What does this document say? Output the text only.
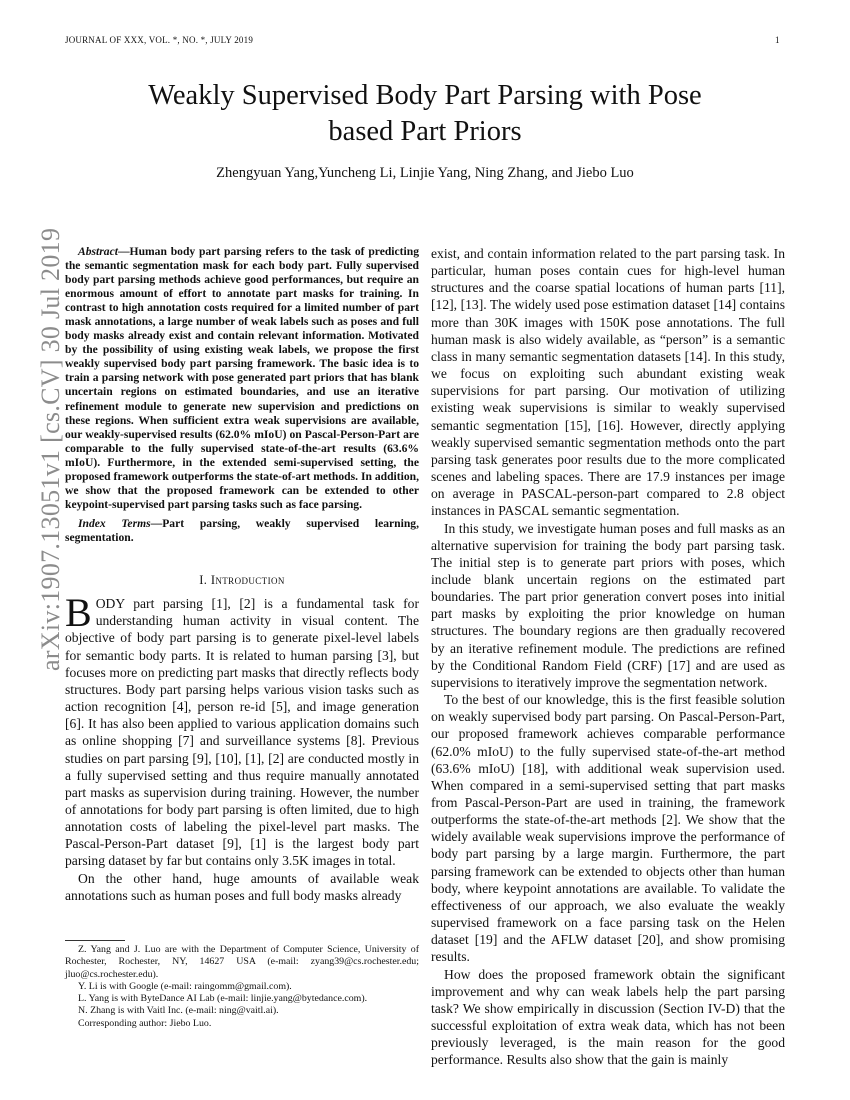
JOURNAL OF XXX, VOL. *, NO. *, JULY 2019	1
arXiv:1907.13051v1 [cs.CV] 30 Jul 2019
Weakly Supervised Body Part Parsing with Pose
based Part Priors
Zhengyuan Yang,Yuncheng Li, Linjie Yang, Ning Zhang, and Jiebo Luo

Abstract—Human body part parsing refers to the task of predicting the semantic segmentation mask for each body part. Fully supervised body part parsing methods achieve good performances, but require an enormous amount of effort to annotate part masks for training. In contrast to high annotation costs required for a limited number of part mask annotations, a large number of weak labels such as poses and full body masks already exist and contain relevant information. Motivated by the possibility of using existing weak labels, we propose the first weakly supervised body part parsing framework. The basic idea is to train a parsing network with pose generated part priors that has blank uncertain regions on estimated boundaries, and use an iterative refinement module to generate new supervision and predictions on these regions. When sufficient extra weak supervisions are available, our weakly-supervised results (62.0% mIoU) on Pascal-Person-Part are comparable to the fully supervised state-of-the-art results (63.6% mIoU). Furthermore, in the extended semi-supervised setting, the proposed framework outperforms the state-of-art methods. In addition, we show that the proposed framework can be extended to other keypoint-supervised part parsing tasks such as face parsing.

Index Terms—Part parsing, weakly supervised learning, segmentation.

I. Introduction

BODY part parsing [1], [2] is a fundamental task for understanding human activity in visual content. The objective of body part parsing is to generate pixel-level labels for semantic body parts. It is related to human parsing [3], but focuses more on predicting part masks that directly reflects body structures. Body part parsing helps various vision tasks such as action recognition [4], person re-id [5], and image generation [6]. It has also been applied to various application domains such as online shopping [7] and surveillance systems [8]. Previous studies on part parsing [9], [10], [1], [2] are conducted mostly in a fully supervised setting and thus require manually annotated part masks as supervision during training. However, the number of annotations for body part parsing is often limited, due to high annotation costs of labeling the pixel-level part masks. The Pascal-Person-Part dataset [9], [1] is the largest body part parsing dataset by far but contains only 3.5K images in total.

On the other hand, huge amounts of available weak annotations such as human poses and full body masks already

Z. Yang and J. Luo are with the Department of Computer Science, University of Rochester, Rochester, NY, 14627 USA (e-mail: zyang39@cs.rochester.edu; jluo@cs.rochester.edu).

Y. Li is with Google (e-mail: raingomm@gmail.com).

L. Yang is with ByteDance AI Lab (e-mail: linjie.yang@bytedance.com).

N. Zhang is with Vaitl Inc. (e-mail: ning@vaitl.ai).

Corresponding author: Jiebo Luo.

exist, and contain information related to the part parsing task. In particular, human poses contain cues for high-level human structures and the coarse spatial locations of human parts [11], [12], [13]. The widely used pose estimation dataset [14] contains more than 30K images with 150K pose annotations. The full human mask is also widely available, as “person” is a semantic class in many semantic segmentation datasets [14]. In this study, we focus on exploiting such abundant existing weak supervisions for part parsing. Our motivation of utilizing existing weak supervisions is similar to weakly supervised semantic segmentation [15], [16]. However, directly applying weakly supervised semantic segmentation methods onto the part parsing task generates poor results due to the more complicated scenes and labeling spaces. There are 17.9 instances per image on average in PASCAL-person-part compared to 2.8 object instances in PASCAL semantic segmentation.

In this study, we investigate human poses and full masks as an alternative supervision for training the body part parsing task. The initial step is to generate part priors with poses, which include blank uncertain regions on the estimated part boundaries. The part prior generation convert poses into initial part masks by exploiting the prior knowledge on human structures. The boundary regions are then gradually recovered by an iterative refinement module. The predictions are refined by the Conditional Random Field (CRF) [17] and are used as supervisions to iteratively improve the segmentation network.

To the best of our knowledge, this is the first feasible solution on weakly supervised body part parsing. On Pascal-Person-Part, our proposed framework achieves comparable performance (62.0% mIoU) to the fully supervised state-of-the-art method (63.6% mIoU) [18], with additional weak supervision used. When compared in a semi-supervised setting that part masks from Pascal-Person-Part are used in training, the framework outperforms the state-of-the-art methods [2]. We show that the widely available weak supervisions improve the performance of body part parsing by a large margin. Furthermore, the part parsing framework can be extended to objects other than human body, where keypoint annotations are available. To validate the effectiveness of our approach, we also evaluate the weakly supervised framework on a face parsing task on the Helen dataset [19] and the AFLW dataset [20], and show promising results.

How does the proposed framework obtain the significant improvement and why can weak labels help the part parsing task? We show empirically in discussion (Section IV-D) that the successful exploitation of extra weak data, which has not been previously leveraged, is the main reason for the good performance. Results also show that the gain is mainly
